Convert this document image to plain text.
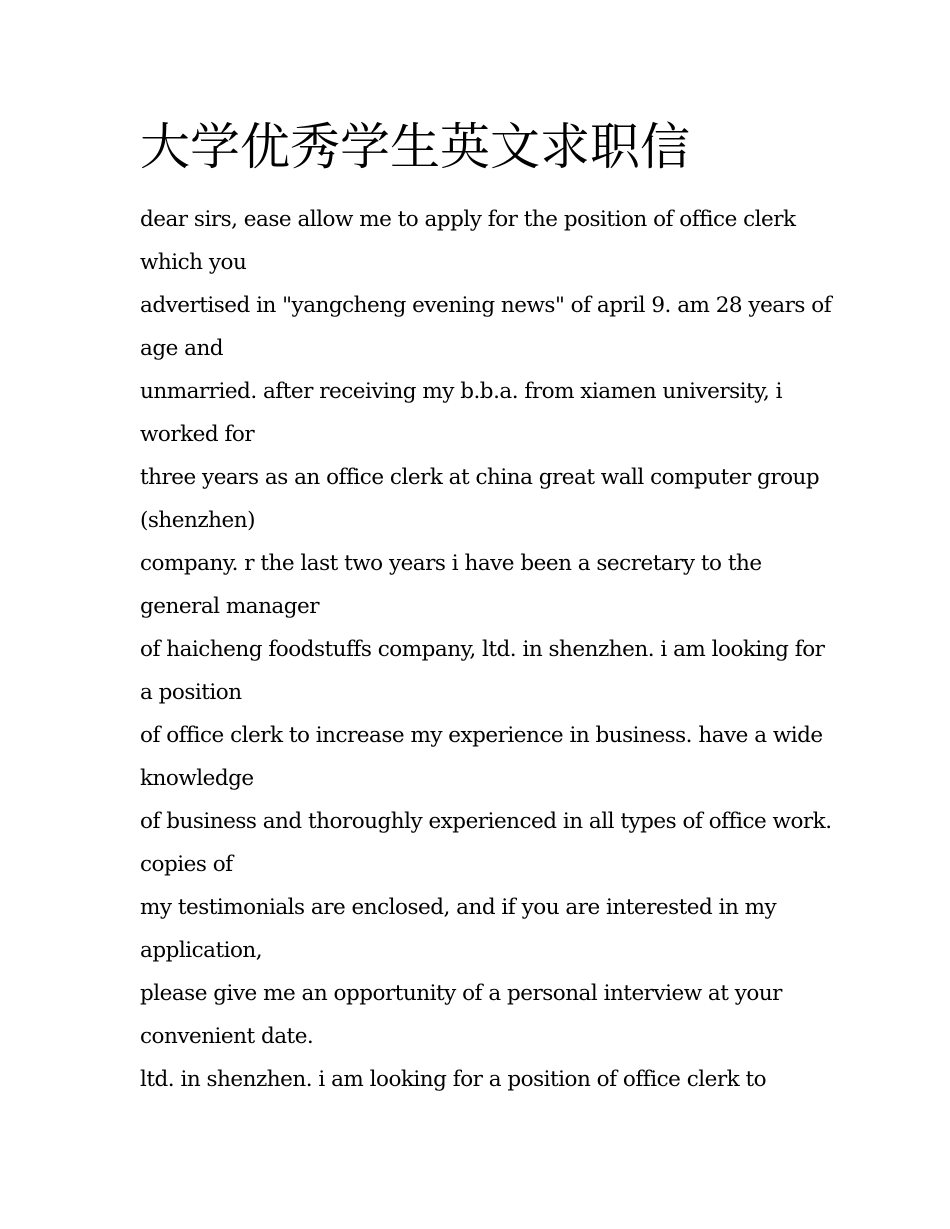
大学优秀学生英文求职信
dear sirs, ease allow me to apply for the position of office clerk
which you
advertised in "yangcheng evening news" of april 9. am 28 years of
age and
unmarried. after receiving my b.b.a. from xiamen university, i
worked for
three years as an office clerk at china great wall computer group
(shenzhen)
company. r the last two years i have been a secretary to the
general manager
of haicheng foodstuffs company, ltd. in shenzhen. i am looking for
a position
of office clerk to increase my experience in business. have a wide
knowledge
of business and thoroughly experienced in all types of office work.
copies of
my testimonials are enclosed, and if you are interested in my
application,
please give me an opportunity of a personal interview at your
convenient date.
ltd. in shenzhen. i am looking for a position of office clerk to
